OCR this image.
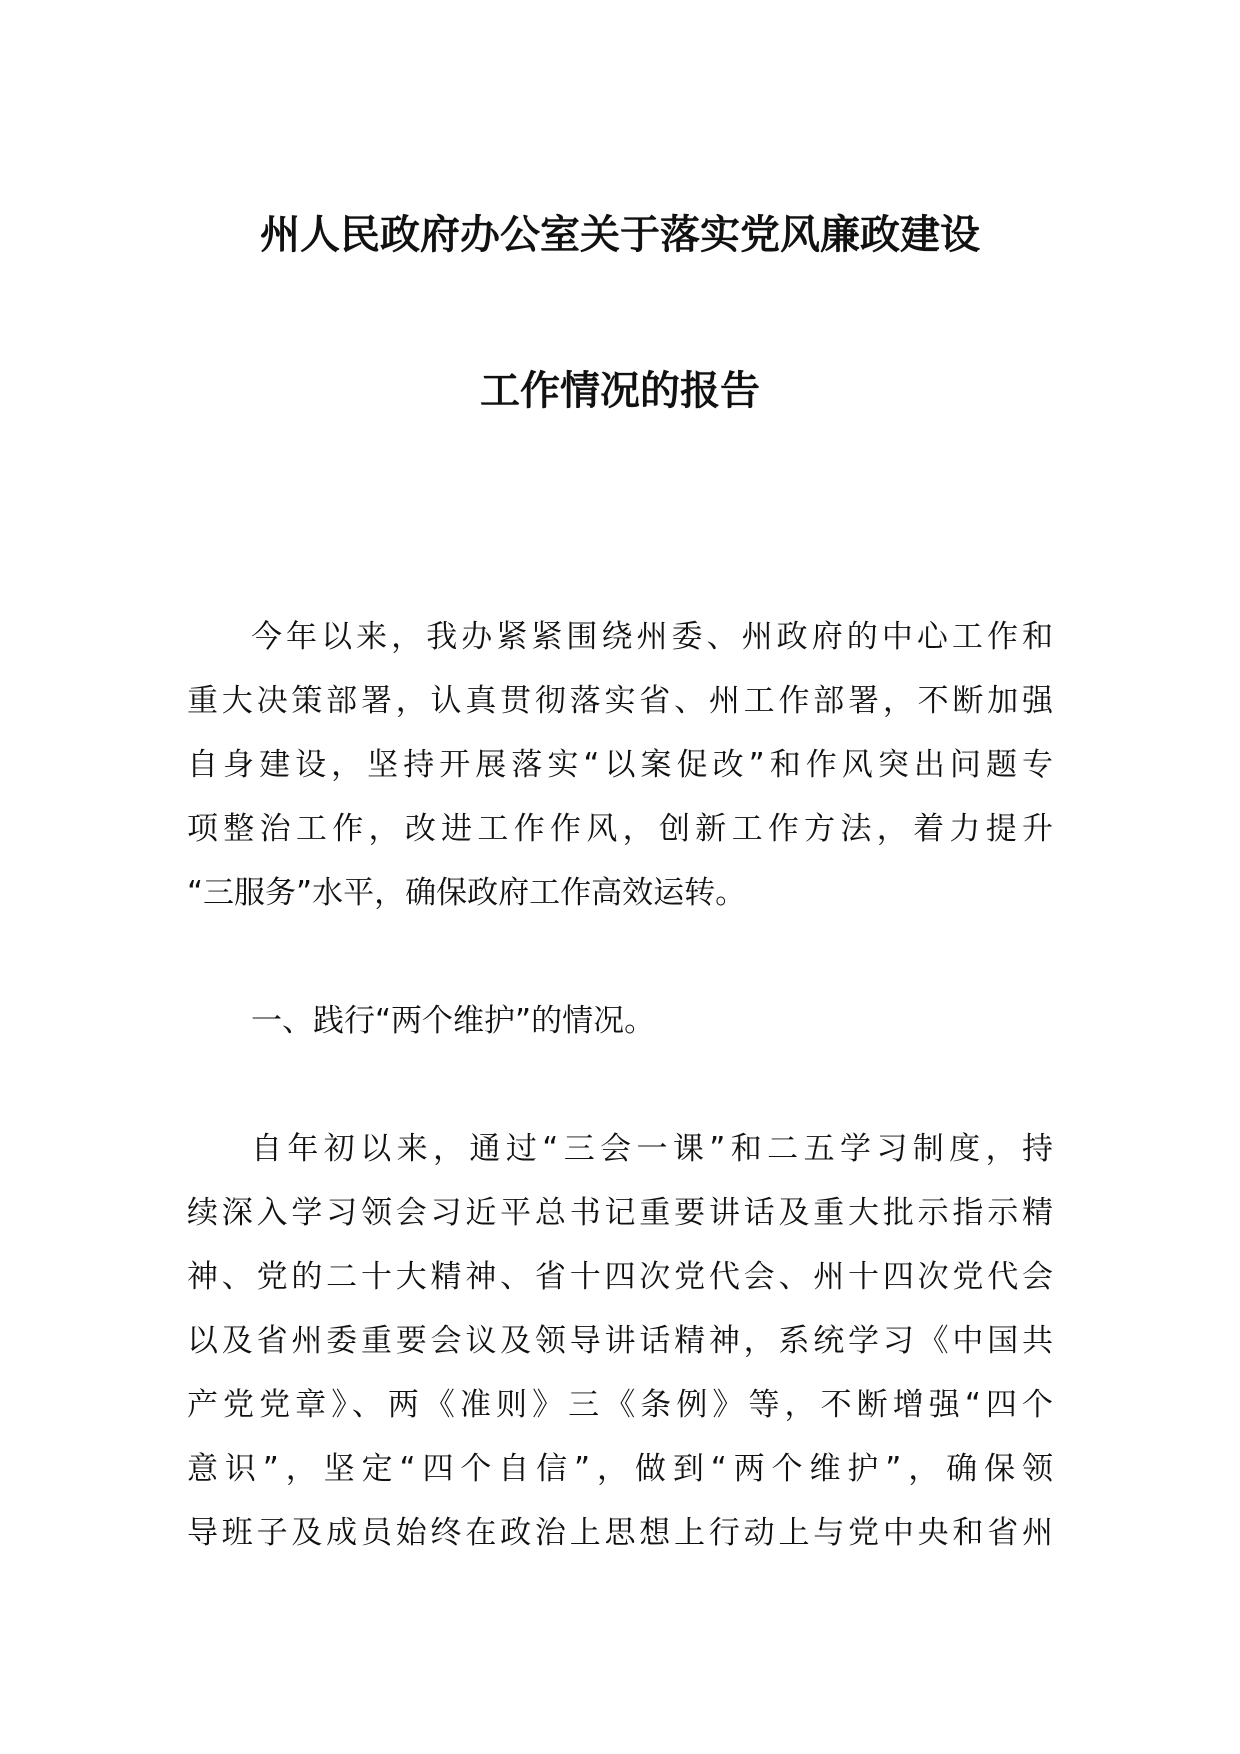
州人民政府办公室关于落实党风廉政建设
工作情况的报告
今年以来，我办紧紧围绕州委、州政府的中心工作和
重大决策部署，认真贯彻落实省、州工作部署，不断加强
自身建设，坚持开展落实“以案促改”和作风突出问题专
项整治工作，改进工作作风，创新工作方法，着力提升
“三服务”水平，确保政府工作高效运转。
一、践行“两个维护”的情况。
自年初以来，通过“三会一课”和二五学习制度，持
续深入学习领会习近平总书记重要讲话及重大批示指示精
神、党的二十大精神、省十四次党代会、州十四次党代会
以及省州委重要会议及领导讲话精神，系统学习《中国共
产党党章》、两《准则》三《条例》等，不断增强“四个
意识”，坚定“四个自信”，做到“两个维护”，确保领
导班子及成员始终在政治上思想上行动上与党中央和省州
